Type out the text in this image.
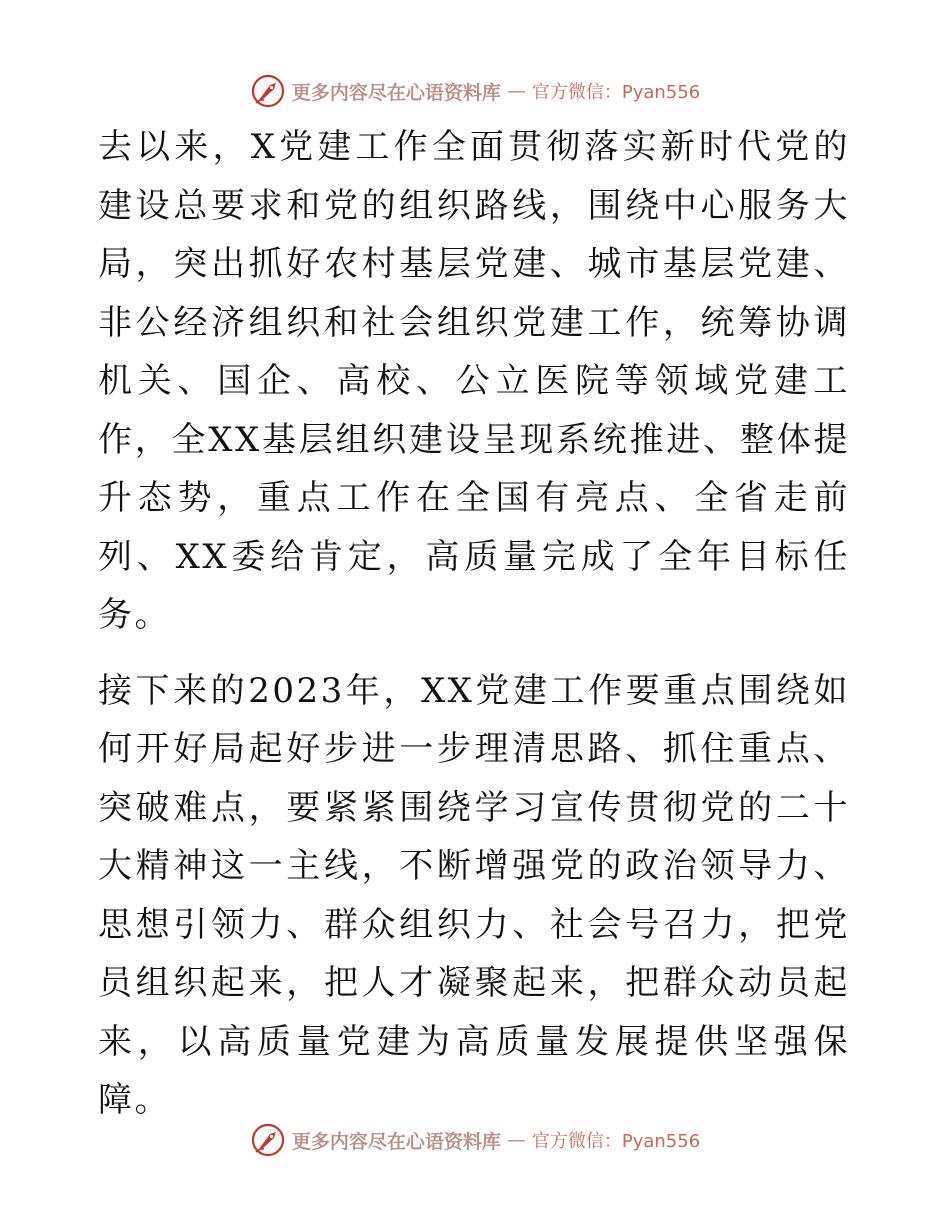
更多内容尽在心语资料库 — 官方微信：Pyan556

去以来，X党建工作全面贯彻落实新时代党的建设总要求和党的组织路线，围绕中心服务大局，突出抓好农村基层党建、城市基层党建、非公经济组织和社会组织党建工作，统筹协调机关、国企、高校、公立医院等领域党建工作，全XX基层组织建设呈现系统推进、整体提升态势，重点工作在全国有亮点、全省走前列、XX委给肯定，高质量完成了全年目标任务。

接下来的2023年，XX党建工作要重点围绕如何开好局起好步进一步理清思路、抓住重点、突破难点，要紧紧围绕学习宣传贯彻党的二十大精神这一主线，不断增强党的政治领导力、思想引领力、群众组织力、社会号召力，把党员组织起来，把人才凝聚起来，把群众动员起来，以高质量党建为高质量发展提供坚强保障。

更多内容尽在心语资料库 — 官方微信：Pyan556
